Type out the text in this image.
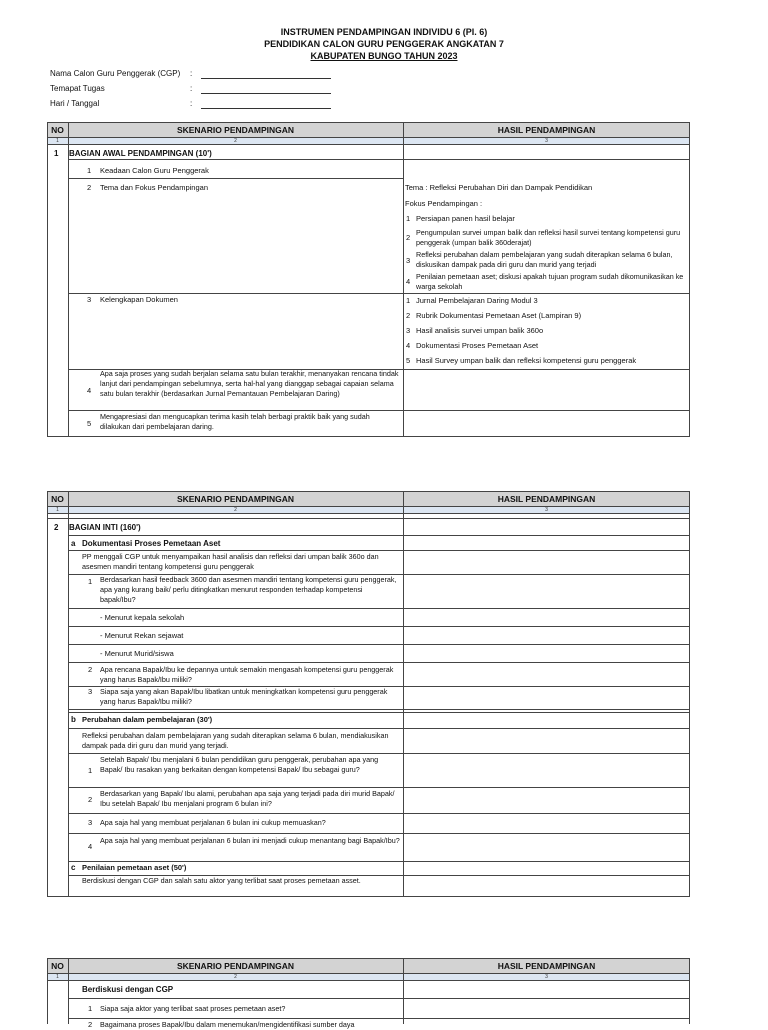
INSTRUMEN PENDAMPINGAN INDIVIDU 6 (PI. 6)
PENDIDIKAN CALON GURU PENGGERAK ANGKATAN 7
KABUPATEN BUNGO TAHUN 2023
Nama Calon Guru Penggerak (CGP) :
Temapat Tugas	:
Hari / Tanggal	:
NO	SKENARIO PENDAMPINGAN	HASIL PENDAMPINGAN
1	2	3
1 BAGIAN AWAL PENDAMPINGAN (10')
1 Keadaan Calon Guru Penggerak
2 Tema dan Fokus Pendampingan	Tema : Refleksi Perubahan Diri dan Dampak Pendidikan
Fokus Pendampingan :
1 Persiapan panen hasil belajar
2
Pengumpulan survei umpan balik dan refleksi hasil survei tentang kompetensi guru penggerak (umpan balik 360derajat)
3
Refleksi perubahan dalam pembelajaran yang sudah diterapkan selama 6 bulan, diskusikan dampak pada diri guru dan murid yang terjadi
4
Penilaian pemetaan aset; diskusi apakah tujuan program sudah dikomunikasikan ke warga sekolah
3 Kelengkapan Dokumen	1 Jurnal Pembelajaran Daring Modul 3
2 Rubrik Dokumentasi Pemetaan Aset (Lampiran 9)
3 Hasil analisis survei umpan balik 360o
4 Dokumentasi Proses Pemetaan Aset
5 Hasil Survey umpan balik dan refleksi kompetensi guru penggerak
4
Apa saja proses yang sudah berjalan selama satu bulan terakhir, menanyakan rencana tindak lanjut dari pendampingan sebelumnya, serta hal-hal yang dianggap sebagai capaian selama satu bulan terakhir (berdasarkan Jurnal Pemantauan Pembelajaran Daring)
5
Mengapresiasi dan mengucapkan terima kasih telah berbagi praktik baik yang sudah dilakukan dari pembelajaran daring.
NO	SKENARIO PENDAMPINGAN	HASIL PENDAMPINGAN
1	2	3
2 BAGIAN INTI (160')
a Dokumentasi Proses Pemetaan Aset
PP menggali CGP untuk menyampaikan hasil analisis dan refleksi dari umpan balik 360o dan asesmen mandiri tentang kompetensi guru penggerak
1 Berdasarkan hasil feedback 3600 dan asesmen mandiri tentang kompetensi guru penggerak, apa yang kurang baik/ perlu ditingkatkan menurut responden terhadap kompetensi bapak/Ibu?
- Menurut kepala sekolah
- Menurut Rekan sejawat
- Menurut Murid/siswa
2 Apa rencana Bapak/Ibu ke depannya untuk semakin mengasah kompetensi guru penggerak yang harus Bapak/Ibu miliki?
3 Siapa saja yang akan Bapak/Ibu libatkan untuk meningkatkan kompetensi guru penggerak yang harus Bapak/Ibu miliki?
b Perubahan dalam pembelajaran (30')
Refleksi perubahan dalam pembelajaran yang sudah diterapkan selama 6 bulan, mendiakusikan dampak pada diri guru dan murid yang terjadi.
1
Setelah Bapak/ Ibu menjalani 6 bulan pendidikan guru penggerak, perubahan apa yang Bapak/ Ibu rasakan yang berkaitan dengan kompetensi Bapak/ Ibu sebagai guru?
2
Berdasarkan yang Bapak/ Ibu alami, perubahan apa saja yang terjadi pada diri murid Bapak/ Ibu setelah Bapak/ Ibu menjalani program 6 bulan ini?
3 Apa saja hal yang membuat perjalanan 6 bulan ini cukup memuaskan?
4
Apa saja hal yang membuat perjalanan 6 bulan ini menjadi cukup menantang bagi Bapak/Ibu?
c Penilaian pemetaan aset (50')
Berdiskusi dengan CGP dan salah satu aktor yang terlibat saat proses pemetaan asset.
NO	SKENARIO PENDAMPINGAN	HASIL PENDAMPINGAN
1	2	3
Berdiskusi dengan CGP
1 Siapa saja aktor yang terlibat saat proses pemetaan aset?
2 Bagaimana proses Bapak/Ibu dalam menemukan/mengidentifikasi sumber daya
